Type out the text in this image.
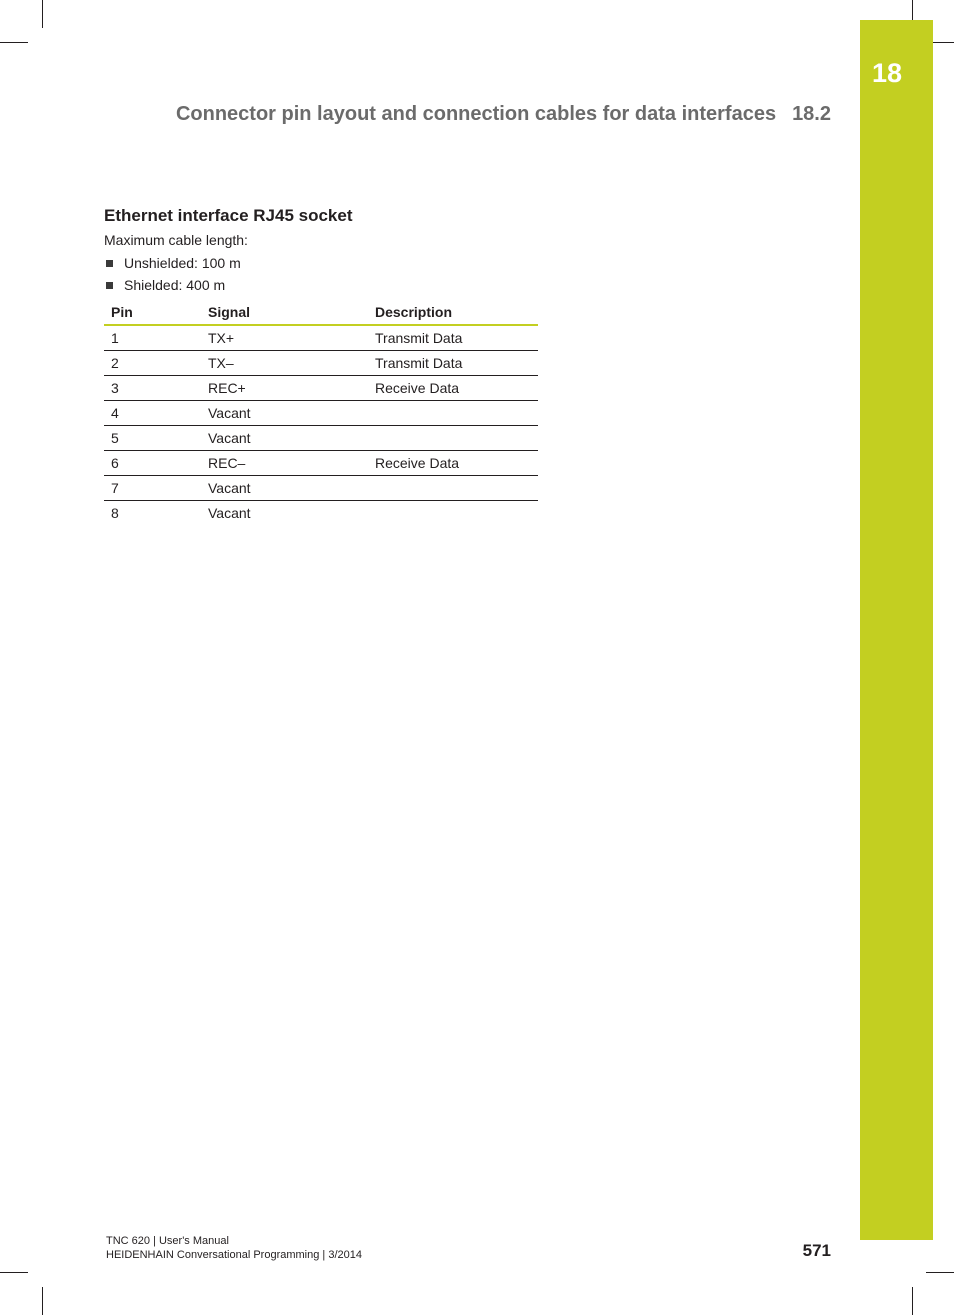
18
Connector pin layout and connection cables for data interfaces 18.2
Ethernet interface RJ45 socket

Maximum cable length:

Unshielded: 100 m
Shielded: 400 m
Pin	Signal	Description
1	TX+	Transmit Data
2	TX–	Transmit Data
3	REC+	Receive Data
4	Vacant	
5	Vacant	
6	REC–	Receive Data
7	Vacant	
8	Vacant	
TNC 620 | User's Manual
HEIDENHAIN Conversational Programming | 3/2014	571
